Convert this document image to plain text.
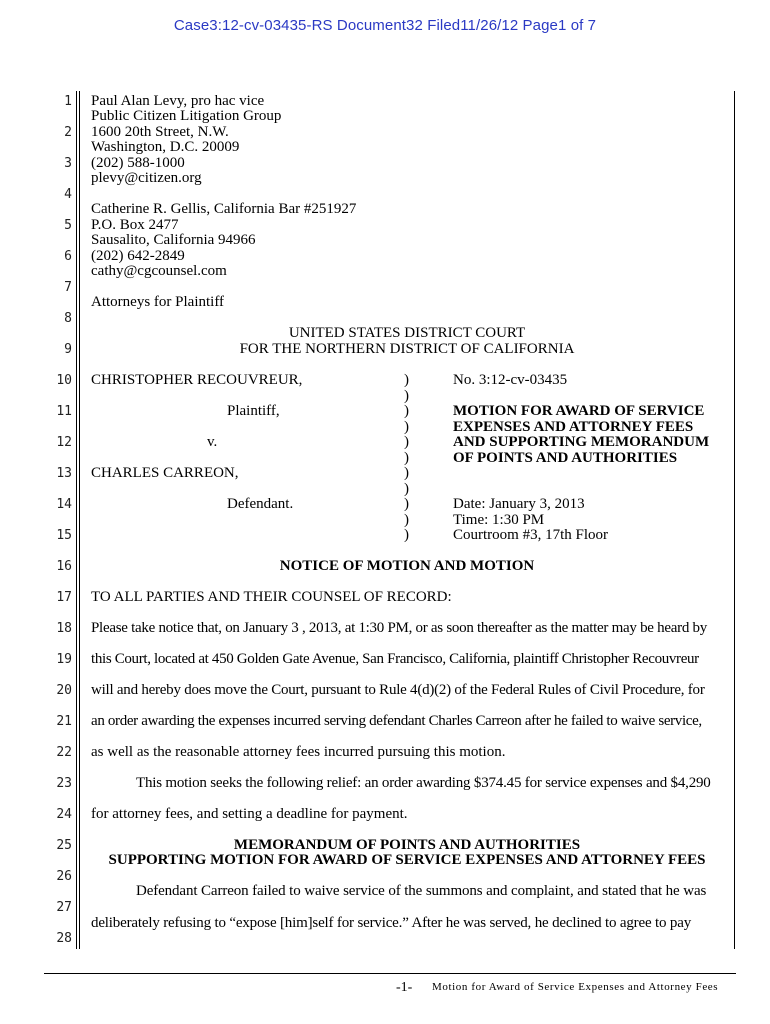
Case3:12-cv-03435-RS Document32 Filed11/26/12 Page1 of 7
1
2
3
4
5
6
7
8
9
10
11
12
13
14
15
16
17
18
19
20
21
22
23
24
25
26
27
28
Paul Alan Levy, pro hac vice
Public Citizen Litigation Group
1600 20th Street, N.W.
Washington, D.C. 20009
(202) 588-1000
plevy@citizen.org
Catherine R. Gellis, California Bar #251927
P.O. Box 2477
Sausalito, California 94966
(202) 642-2849
cathy@cgcounsel.com
Attorneys for Plaintiff
UNITED STATES DISTRICT COURT
FOR THE NORTHERN DISTRICT OF CALIFORNIA
CHRISTOPHER RECOUVREUR,
Plaintiff,
v.
CHARLES CARREON,
Defendant.
)
)
)
)
)
)
)
)
)
)
)
No. 3:12-cv-03435
MOTION FOR AWARD OF SERVICE
EXPENSES AND ATTORNEY FEES
AND SUPPORTING MEMORANDUM
OF POINTS AND AUTHORITIES
Date: January 3, 2013
Time: 1:30 PM
Courtroom #3, 17th Floor
NOTICE OF MOTION AND MOTION
TO ALL PARTIES AND THEIR COUNSEL OF RECORD:
Please take notice that, on January 3 , 2013, at 1:30 PM, or as soon thereafter as the matter may be heard by
this Court, located at 450 Golden Gate Avenue, San Francisco, California, plaintiff Christopher Recouvreur
will and hereby does move the Court, pursuant to Rule 4(d)(2) of the Federal Rules of Civil Procedure, for
an order awarding the expenses incurred serving defendant Charles Carreon after he failed to waive service,
as well as the reasonable attorney fees incurred pursuing this motion.
This motion seeks the following relief: an order awarding $374.45 for service expenses and $4,290
for attorney fees, and setting a deadline for payment.
MEMORANDUM OF POINTS AND AUTHORITIES
SUPPORTING MOTION FOR AWARD OF SERVICE EXPENSES AND ATTORNEY FEES
Defendant Carreon failed to waive service of the summons and complaint, and stated that he was
deliberately refusing to “expose [him]self for service.” After he was served, he declined to agree to pay
-1- Motion for Award of Service Expenses and Attorney Fees
